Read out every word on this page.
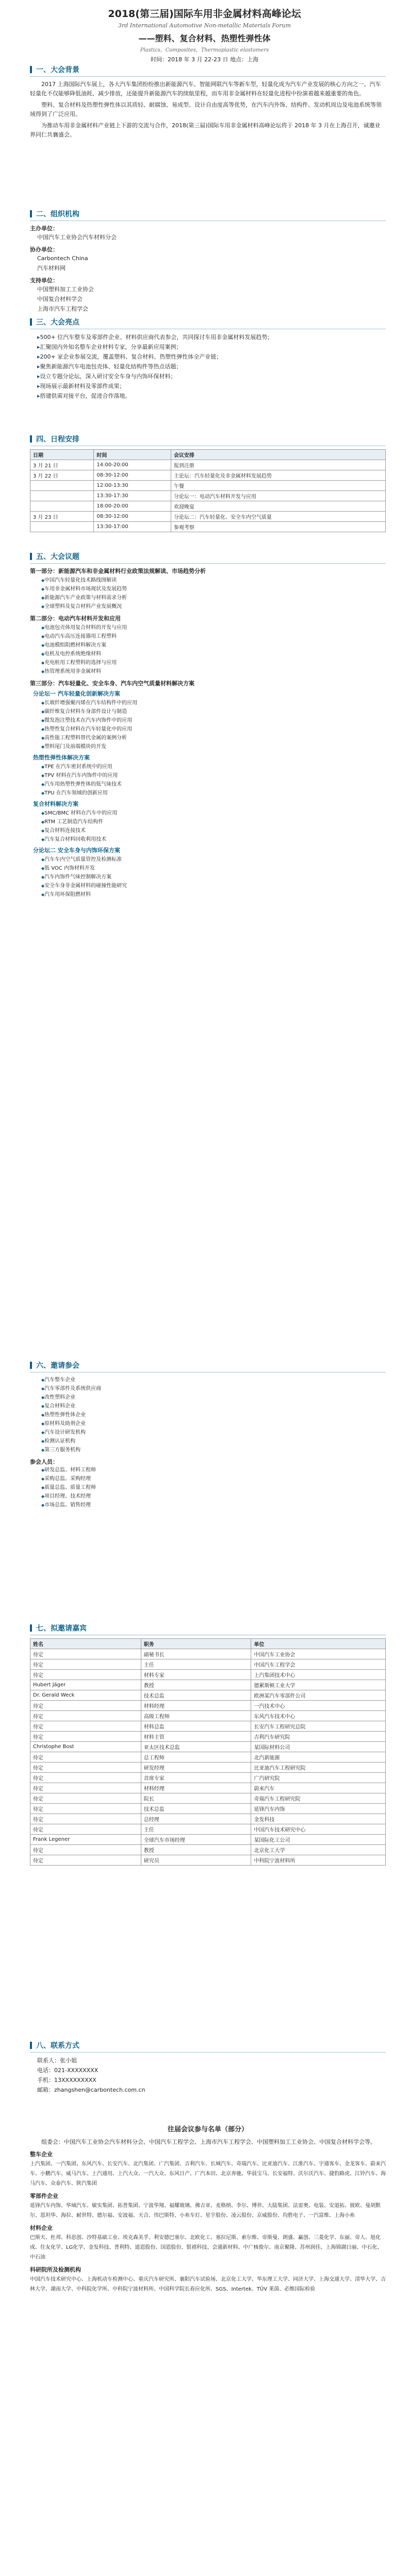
2018(第三届)国际车用非金属材料高峰论坛
3rd International Automotive Non-metallic Materials Forum
——塑料、复合材料、热塑性弹性体
Plastics，Composites，Thermoplastic elastomers
时间：2018 年 3 月 22-23 日 地点：上海
一、大会背景

2017 上海国际汽车展上，各大汽车集团纷纷推出新能源汽车、智能网联汽车等新车型，轻量化成为汽车产业发展的核心方向之一。汽车轻量化不仅能够降低油耗、减少排放，还能提升新能源汽车的续航里程，而车用非金属材料在轻量化进程中扮演着越来越重要的角色。

塑料、复合材料及热塑性弹性体以其质轻、耐腐蚀、易成型、设计自由度高等优势，在汽车内外饰、结构件、发动机周边及电池系统等领域得到了广泛应用。

为推动车用非金属材料产业链上下游的交流与合作，2018(第三届)国际车用非金属材料高峰论坛将于 2018 年 3 月在上海召开，诚邀业界同仁共襄盛会。

二、组织机构
主办单位：
中国汽车工业协会汽车材料分会
协办单位：
Carbontech China
汽车材料网
支持单位：
中国塑料加工工业协会
中国复合材料学会
上海市汽车工程学会
三、大会亮点
▸ 500+ 位汽车整车及零部件企业、材料供应商代表参会，共同探讨车用非金属材料发展趋势；
▸ 汇聚国内外知名整车企业材料专家，分享最新应用案例；
▸ 200+ 家企业参展交流，覆盖塑料、复合材料、热塑性弹性体全产业链；
▸ 聚焦新能源汽车电池包壳体、轻量化结构件等热点话题；
▸ 设立专题分论坛，深入研讨安全车身与内饰环保材料；
▸ 现场展示最新材料及零部件成果；
▸ 搭建供需对接平台，促进合作落地。
四、日程安排
日期	时间	会议安排
3 月 21 日	14:00-20:00	报到注册
3 月 22 日	08:30-12:00	主论坛：汽车轻量化及非金属材料发展趋势
	12:00-13:30	午餐
	13:30-17:30	分论坛一：电动汽车材料开发与应用
	18:00-20:00	欢迎晚宴
3 月 23 日	08:30-12:00	分论坛二：汽车轻量化、安全车内空气质量
	13:30-17:00	参观考察
五、大会议题
第一部分：新能源汽车和非金属材料行业政策法规解读、市场趋势分析
◆ 中国汽车轻量化技术路线图解读
◆ 车用非金属材料市场现状及发展趋势
◆ 新能源汽车产业政策与材料需求分析
◆ 全球塑料及复合材料产业发展概况
第二部分：电动汽车材料开发和应用
◆ 电池包壳体用复合材料的开发与应用
◆ 电动汽车高压连接器用工程塑料
◆ 电池模组阻燃材料解决方案
◆ 电机及电控系统绝缘材料
◆ 充电桩用工程塑料的选择与应用
◆ 热管理系统用非金属材料
第三部分：汽车轻量化、安全车身、汽车内空气质量材料解决方案
分论坛一 汽车轻量化创新解决方案
◆ 长玻纤增强聚丙烯在汽车结构件中的应用
◆ 碳纤维复合材料车身部件设计与制造
◆ 微发泡注塑技术在汽车内饰件中的应用
◆ 热塑性复合材料在汽车轻量化中的应用
◆ 高性能工程塑料替代金属的案例分析
◆ 塑料尾门及前端模块的开发
热塑性弹性体解决方案
◆ TPE 在汽车密封系统中的应用
◆ TPV 材料在汽车内饰件中的应用
◆ 汽车用热塑性弹性体的低气味技术
◆ TPU 在汽车领域的创新应用
复合材料解决方案
◆ SMC/BMC 材料在汽车中的应用
◆ RTM 工艺制造汽车结构件
◆ 复合材料连接技术
◆ 汽车复合材料回收利用技术
分论坛二 安全车身与内饰环保方案
◆ 汽车车内空气质量管控及检测标准
◆ 低 VOC 内饰材料开发
◆ 汽车内饰件气味控制解决方案
◆ 安全车身非金属材料的碰撞性能研究
◆ 汽车用环保阻燃材料
六、邀请参会
◆ 汽车整车企业
◆ 汽车零部件及系统供应商
◆ 改性塑料企业
◆ 复合材料企业
◆ 热塑性弹性体企业
◆ 原材料及助剂企业
◆ 汽车设计研发机构
◆ 检测认证机构
◆ 第三方服务机构
参会人员：
◆ 研发总监、材料工程师
◆ 采购总监、采购经理
◆ 质量总监、质量工程师
◆ 项目经理、技术经理
◆ 市场总监、销售经理
七、拟邀请嘉宾
姓名	职务	单位
待定	副秘书长	中国汽车工业协会
待定	主任	中国汽车工程学会
待定	材料专家	上汽集团技术中心
Hubert Jäger	教授	德累斯顿工业大学
Dr. Gerald Weck	技术总监	欧洲某汽车零部件公司
待定	材料经理	一汽技术中心
待定	高级工程师	东风汽车技术中心
待定	材料总监	长安汽车工程研究总院
待定	材料主管	吉利汽车研究院
Christophe Bost	亚太区技术总监	某国际材料公司
待定	总工程师	北汽新能源
待定	研发经理	比亚迪汽车工程研究院
待定	首席专家	广汽研究院
待定	材料经理	蔚来汽车
待定	院长	奇瑞汽车工程研究院
待定	技术总监	延锋汽车内饰
待定	总经理	金发科技
待定	主任	中国汽车技术研究中心
Frank Legener	全球汽车市场经理	某国际化工公司
待定	教授	北京化工大学
待定	研究员	中科院宁波材料所
八、联系方式
联系人：张小姐
电话：021-XXXXXXXX
手机：13XXXXXXXXX
邮箱：zhangshen@carbontech.com.cn
往届会议参与名单（部分）

组委会：中国汽车工业协会汽车材料分会、中国汽车工程学会、上海市汽车工程学会、中国塑料加工工业协会、中国复合材料学会等。

整车企业

上汽集团、一汽集团、东风汽车、长安汽车、北汽集团、广汽集团、吉利汽车、长城汽车、奇瑞汽车、比亚迪汽车、江淮汽车、宇通客车、金龙客车、蔚来汽车、小鹏汽车、威马汽车、上汽通用、上汽大众、一汽大众、东风日产、广汽本田、北京奔驰、华晨宝马、长安福特、沃尔沃汽车、捷豹路虎、江铃汽车、海马汽车、众泰汽车、陕汽集团

零部件企业

延锋汽车内饰、华域汽车、敏实集团、拓普集团、宁波华翔、福耀玻璃、佛吉亚、麦格纳、李尔、博世、大陆集团、法雷奥、电装、安道拓、彼欧、曼胡默尔、恩坦华、海拉、耐世特、德尔福、安波福、天合、伟巴斯特、小糸车灯、星宇股份、凌云股份、京威股份、均胜电子、一汽富维、上海小糸

材料企业

巴斯夫、杜邦、科思创、沙特基础工业、埃克森美孚、利安德巴塞尔、北欧化工、塞拉尼斯、索尔维、帝斯曼、朗盛、赢创、三菱化学、东丽、帝人、旭化成、住友化学、LG化学、金发科技、普利特、道恩股份、国恩股份、银禧科技、会通新材料、中广核俊尔、南京聚隆、苏州润佳、上海锦湖日丽、中石化、中石油

科研院所及检测机构

中国汽车技术研究中心、上海机动车检测中心、重庆汽车研究所、襄阳汽车试验场、北京化工大学、华东理工大学、同济大学、上海交通大学、清华大学、吉林大学、湖南大学、中科院化学所、中科院宁波材料所、中国科学院长春应化所、SGS、Intertek、TÜV 莱茵、必维国际检验
